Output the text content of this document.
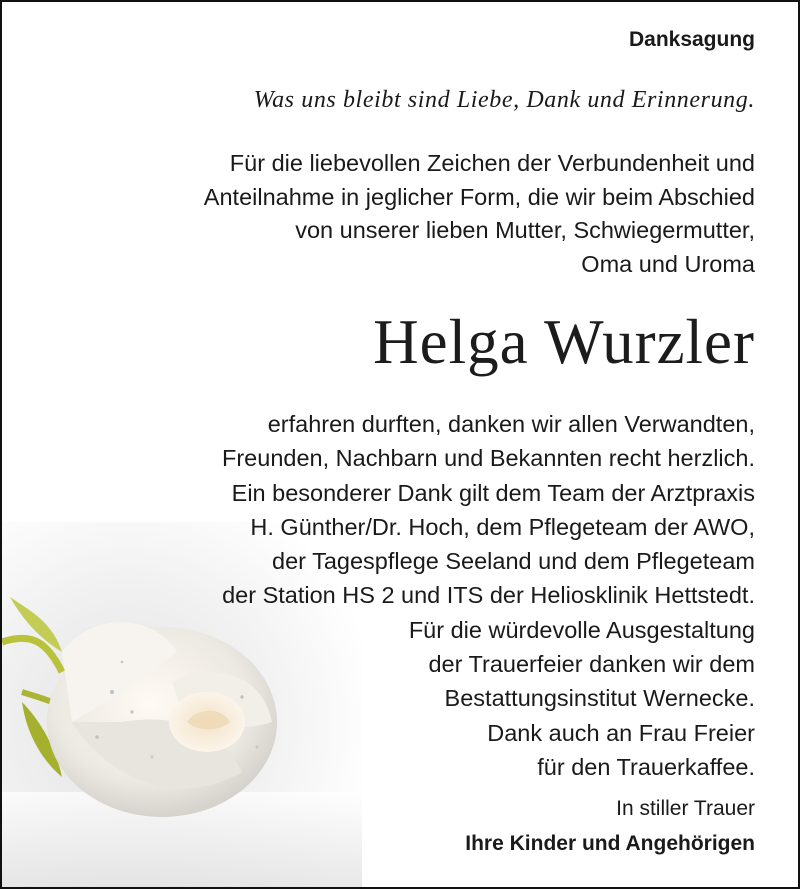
Danksagung
Was uns bleibt sind Liebe, Dank und Erinnerung.
Für die liebevollen Zeichen der Verbundenheit und
Anteilnahme in jeglicher Form, die wir beim Abschied
von unserer lieben Mutter, Schwiegermutter,
Oma und Uroma
Helga Wurzler
erfahren durften, danken wir allen Verwandten,
Freunden, Nachbarn und Bekannten recht herzlich.
Ein besonderer Dank gilt dem Team der Arztpraxis
H. Günther/Dr. Hoch, dem Pflegeteam der AWO,
der Tagespflege Seeland und dem Pflegeteam
der Station HS 2 und ITS der Heliosklinik Hettstedt.
Für die würdevolle Ausgestaltung
der Trauerfeier danken wir dem
Bestattungsinstitut Wernecke.
Dank auch an Frau Freier
für den Trauerkaffee.
In stiller Trauer
Ihre Kinder und Angehörigen
